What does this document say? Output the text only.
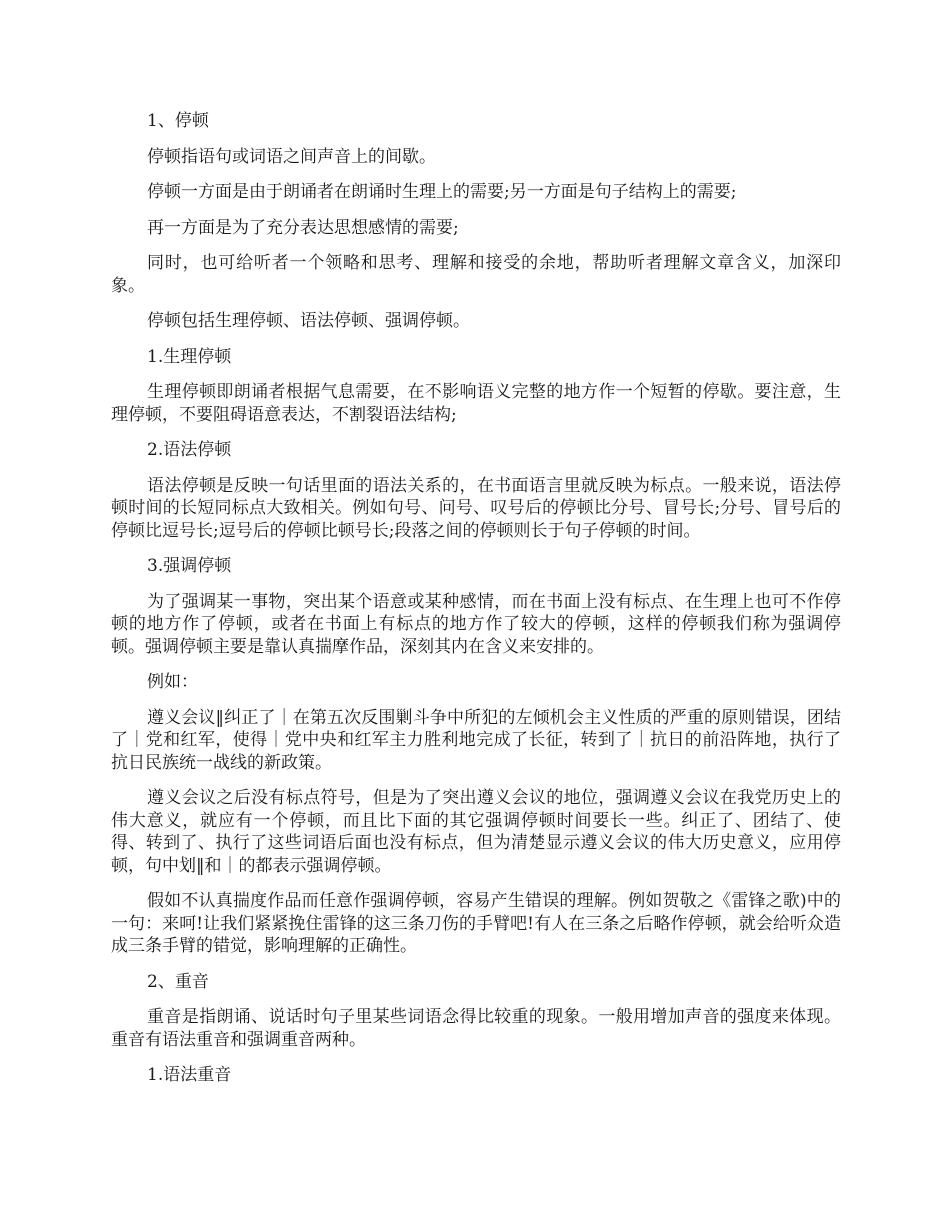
1、停顿

停顿指语句或词语之间声音上的间歇。

停顿一方面是由于朗诵者在朗诵时生理上的需要;另一方面是句子结构上的需要;

再一方面是为了充分表达思想感情的需要;

同时，也可给听者一个领略和思考、理解和接受的余地，帮助听者理解文章含义，加深印象。

停顿包括生理停顿、语法停顿、强调停顿。

1.生理停顿

生理停顿即朗诵者根据气息需要，在不影响语义完整的地方作一个短暂的停歇。要注意，生理停顿，不要阻碍语意表达，不割裂语法结构;

2.语法停顿

语法停顿是反映一句话里面的语法关系的，在书面语言里就反映为标点。一般来说，语法停顿时间的长短同标点大致相关。例如句号、问号、叹号后的停顿比分号、冒号长;分号、冒号后的停顿比逗号长;逗号后的停顿比顿号长;段落之间的停顿则长于句子停顿的时间。

3.强调停顿

为了强调某一事物，突出某个语意或某种感情，而在书面上没有标点、在生理上也可不作停顿的地方作了停顿，或者在书面上有标点的地方作了较大的停顿，这样的停顿我们称为强调停顿。强调停顿主要是靠认真揣摩作品，深刻其内在含义来安排的。

例如：

遵义会议‖纠正了｜在第五次反围剿斗争中所犯的左倾机会主义性质的严重的原则错误，团结了｜党和红军，使得｜党中央和红军主力胜利地完成了长征，转到了｜抗日的前沿阵地，执行了抗日民族统一战线的新政策。

遵义会议之后没有标点符号，但是为了突出遵义会议的地位，强调遵义会议在我党历史上的伟大意义，就应有一个停顿，而且比下面的其它强调停顿时间要长一些。纠正了、团结了、使得、转到了、执行了这些词语后面也没有标点，但为清楚显示遵义会议的伟大历史意义，应用停顿，句中划‖和｜的都表示强调停顿。

假如不认真揣度作品而任意作强调停顿，容易产生错误的理解。例如贺敬之《雷锋之歌)中的一句：来呵!让我们紧紧挽住雷锋的这三条刀伤的手臂吧!有人在三条之后略作停顿，就会给听众造成三条手臂的错觉，影响理解的正确性。

2、重音

重音是指朗诵、说话时句子里某些词语念得比较重的现象。一般用增加声音的强度来体现。重音有语法重音和强调重音两种。

1.语法重音
